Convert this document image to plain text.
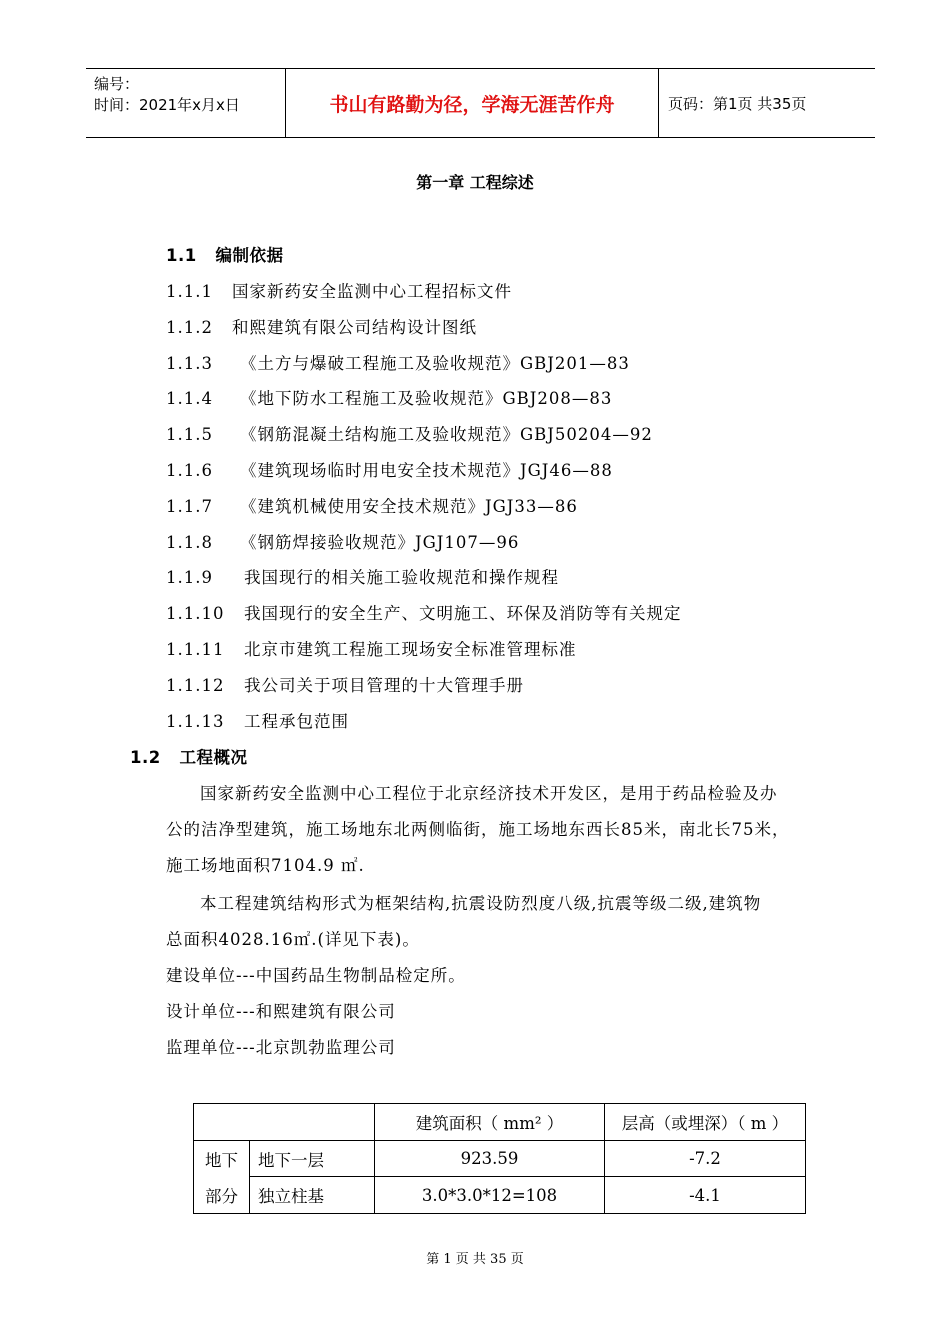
编号：
时间：2021年x月x日	书山有路勤为径，学海无涯苦作舟	页码：第1页 共35页
第一章 工程综述
1.1 编制依据
1.1.1 国家新药安全监测中心工程招标文件
1.1.2 和熙建筑有限公司结构设计图纸
1.1.3 《土方与爆破工程施工及验收规范》GBJ201—83
1.1.4 《地下防水工程施工及验收规范》GBJ208—83
1.1.5 《钢筋混凝土结构施工及验收规范》GBJ50204—92
1.1.6 《建筑现场临时用电安全技术规范》JGJ46—88
1.1.7 《建筑机械使用安全技术规范》JGJ33—86
1.1.8 《钢筋焊接验收规范》JGJ107—96
1.1.9 我国现行的相关施工验收规范和操作规程
1.1.10 我国现行的安全生产、文明施工、环保及消防等有关规定
1.1.11 北京市建筑工程施工现场安全标准管理标准
1.1.12 我公司关于项目管理的十大管理手册
1.1.13 工程承包范围
1.2 工程概况
国家新药安全监测中心工程位于北京经济技术开发区，是用于药品检验及办
公的洁净型建筑，施工场地东北两侧临街，施工场地东西长85米，南北长75米，
施工场地面积7104.9 ㎡.
本工程建筑结构形式为框架结构,抗震设防烈度八级,抗震等级二级,建筑物
总面积4028.16㎡.(详见下表)。
建设单位---中国药品生物制品检定所。
设计单位---和熙建筑有限公司
监理单位---北京凯勃监理公司
		建筑面积（ mm² ）	层高（或埋深）（ m ）
地下	地下一层	923.59	-7.2
部分	独立柱基	3.0*3.0*12=108	-4.1
第 1 页 共 35 页
